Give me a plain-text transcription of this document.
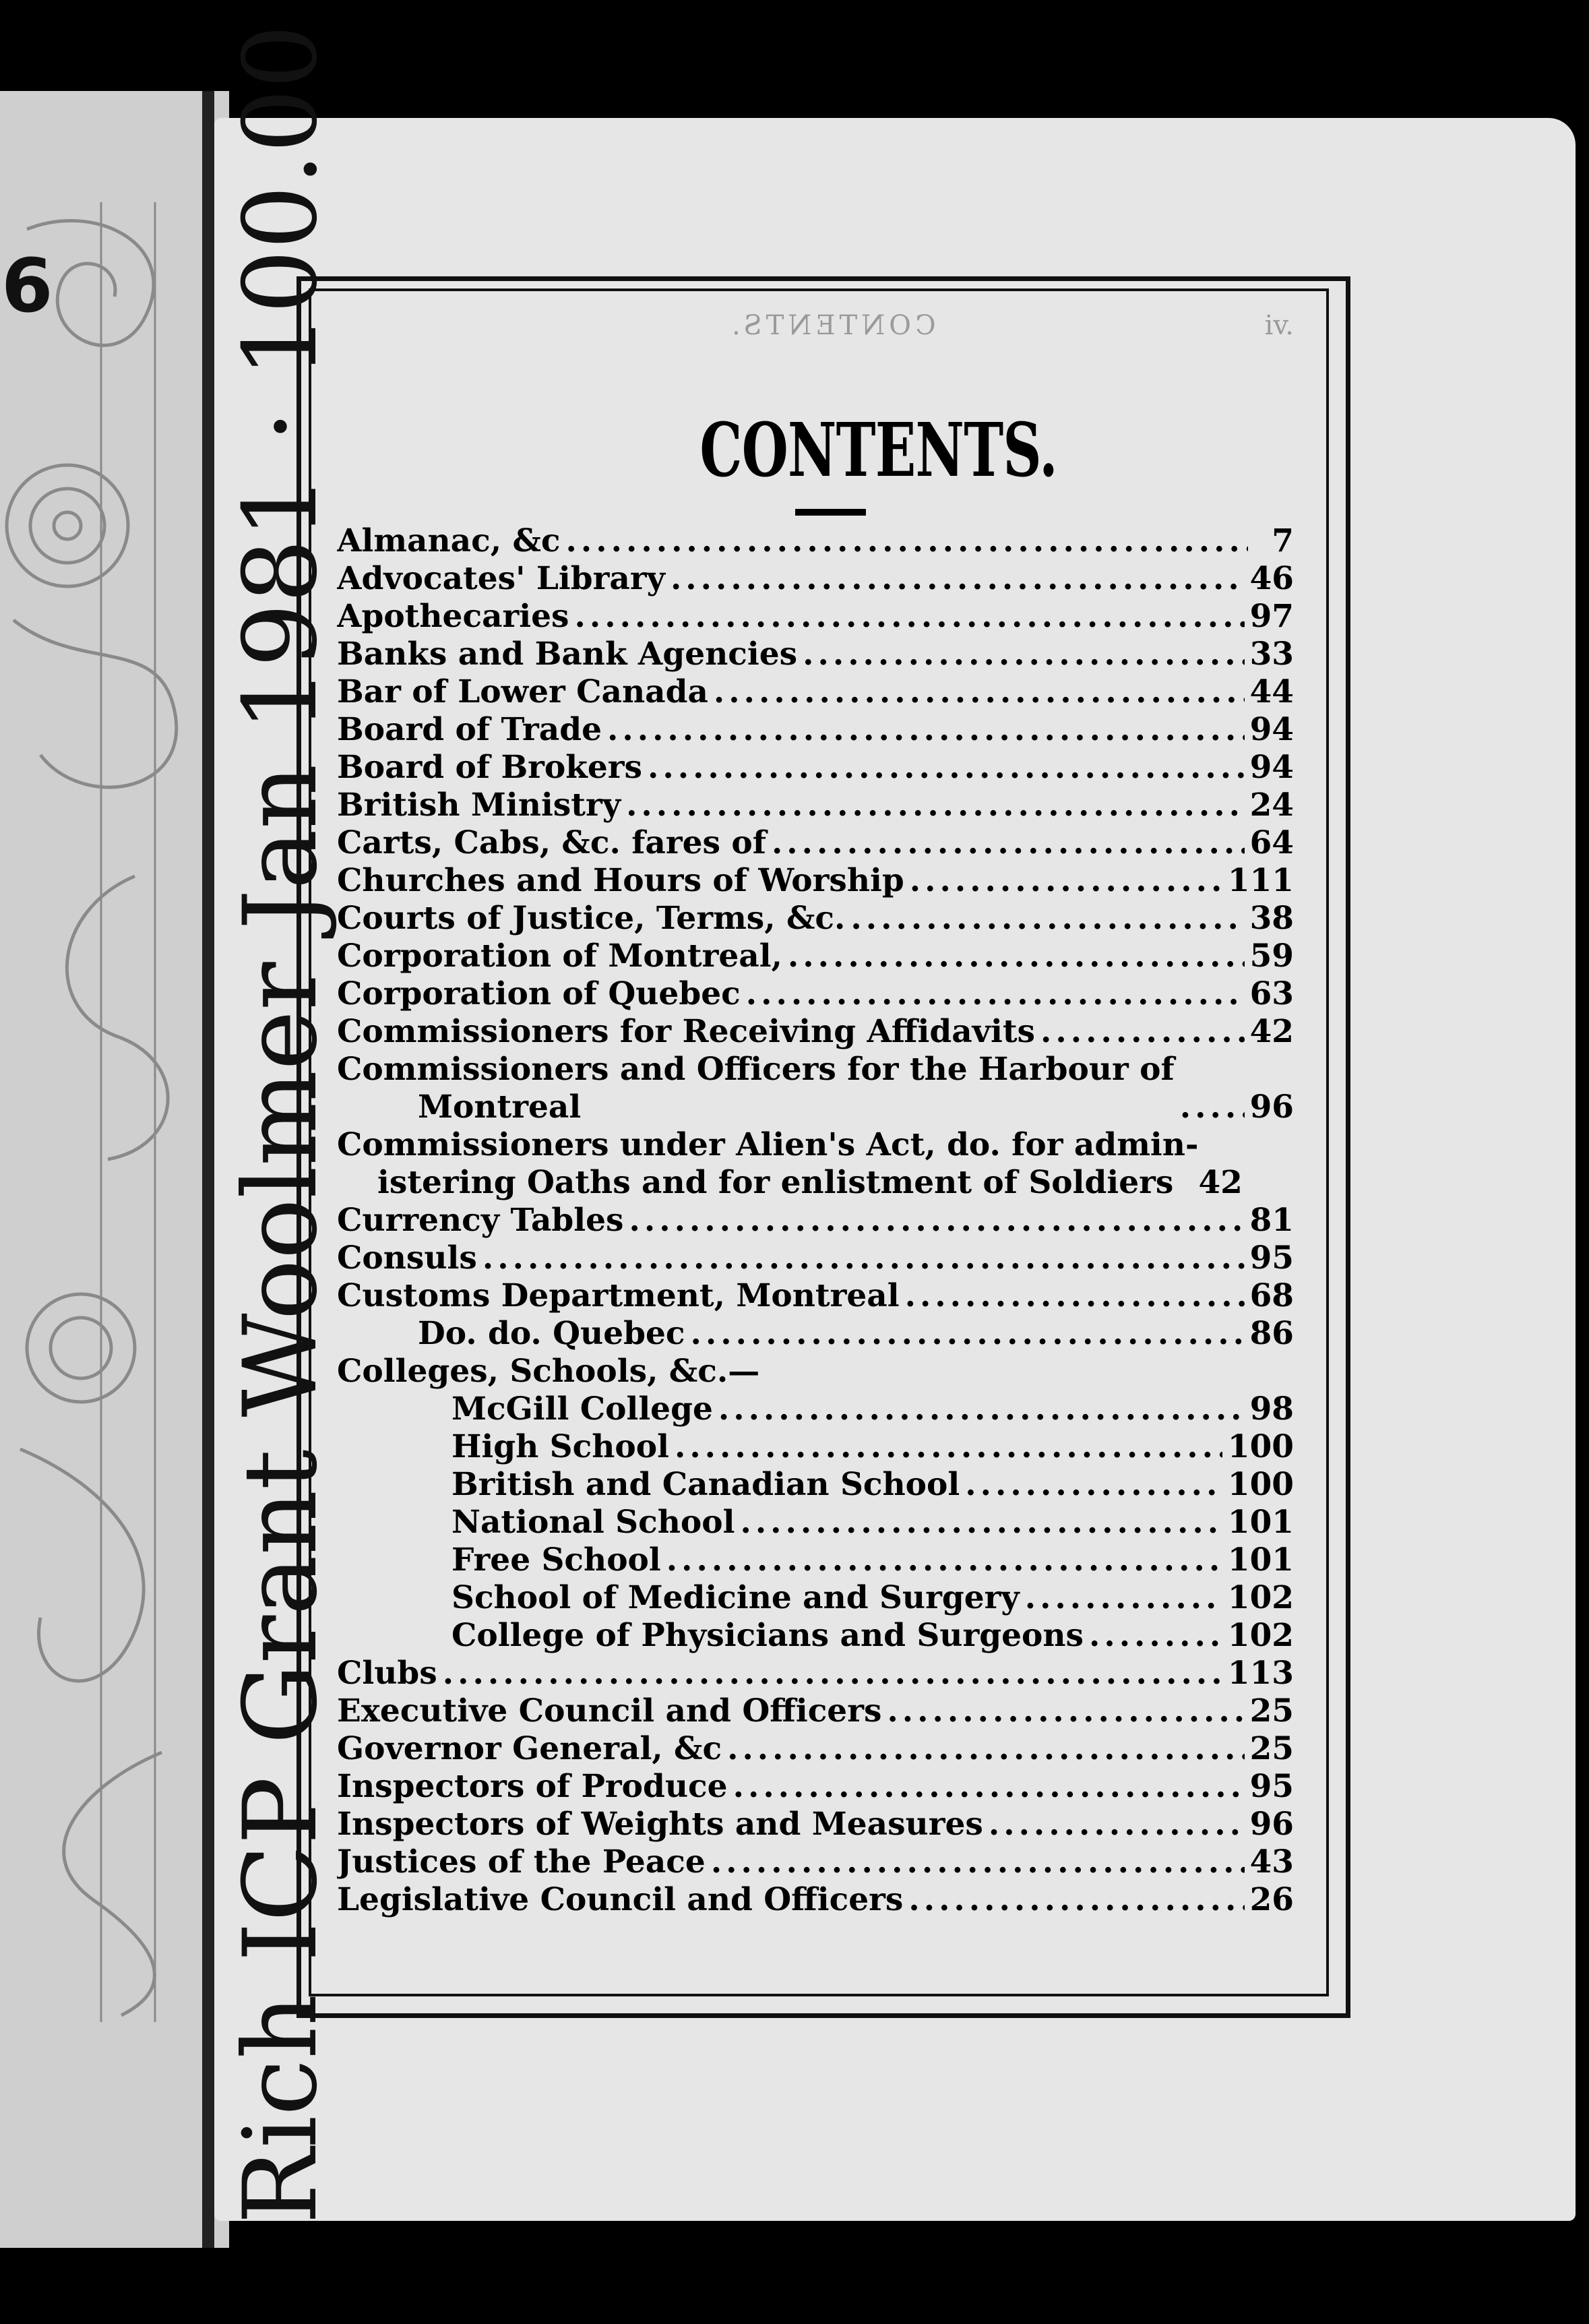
6 Rich ICP Grant Woolmer Jan 1981 · 100.00	CONTENTS.	iv.
CONTENTS.
Almanac, &c .....	7
Advocates' Library .....	46
Apothecaries .....	97
Banks and Bank Agencies .....	33
Bar of Lower Canada .....	44
Board of Trade .....	94
Board of Brokers .....	94
British Ministry .....	24
Carts, Cabs, &c. fares of .....	64
Churches and Hours of Worship .....	111
Courts of Justice, Terms, &c. .....	38
Corporation of Montreal, .....	59
Corporation of Quebec .....	63
Commissioners for Receiving Affidavits .....	42
Commissioners and Officers for the Harbour of
Montreal .....	96
Commissioners under Alien's Act, do. for admin-
istering Oaths and for enlistment of Soldiers 42
Currency Tables .....	81
Consuls .....	95
Customs Department, Montreal .....	68
Do. do. Quebec .....	86
Colleges, Schools, &c.—
McGill College .....	98
High School .....	100
British and Canadian School .....	100
National School .....	101
Free School .....	101
School of Medicine and Surgery .....	102
College of Physicians and Surgeons .....	102
Clubs .....	113
Executive Council and Officers .....	25
Governor General, &c .....	25
Inspectors of Produce .....	95
Inspectors of Weights and Measures .....	96
Justices of the Peace .....	43
Legislative Council and Officers .....	26
